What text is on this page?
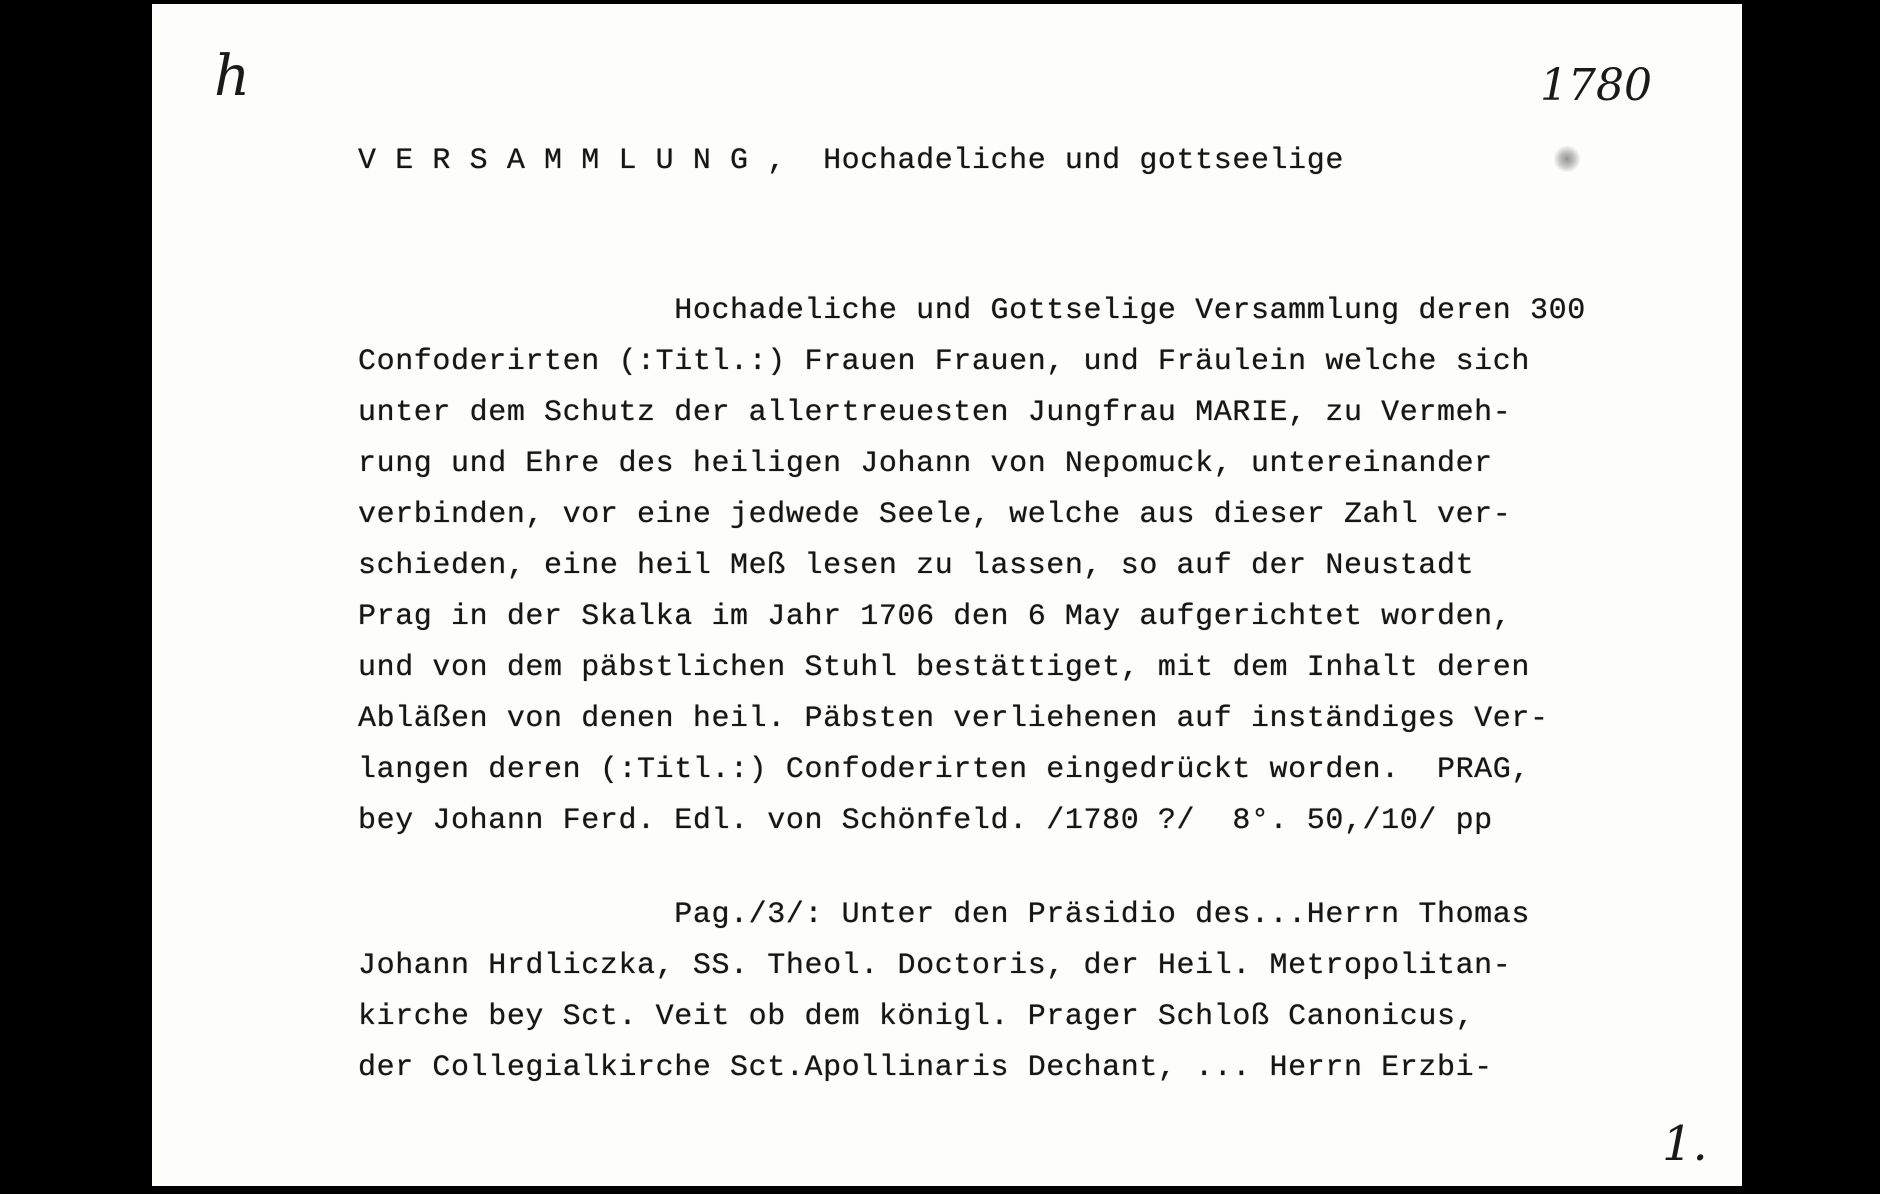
h	1780
V E R S A M M L U N G ,  Hochadeliche und gottseelige
Hochadeliche und Gottselige Versammlung deren 300
Confoderirten (:Titl.:) Frauen Frauen, und Fräulein welche sich
unter dem Schutz der allertreuesten Jungfrau MARIE, zu Vermeh-
rung und Ehre des heiligen Johann von Nepomuck, untereinander
verbinden, vor eine jedwede Seele, welche aus dieser Zahl ver-
schieden, eine heil Meß lesen zu lassen, so auf der Neustadt
Prag in der Skalka im Jahr 1706 den 6 May aufgerichtet worden,
und von dem päbstlichen Stuhl bestättiget, mit dem Inhalt deren
Abläßen von denen heil. Päbsten verliehenen auf inständiges Ver-
langen deren (:Titl.:) Confoderirten eingedrückt worden.  PRAG,
bey Johann Ferd. Edl. von Schönfeld. /1780 ?/  8°. 50,/10/ pp
Pag./3/: Unter den Präsidio des...Herrn Thomas
Johann Hrdliczka, SS. Theol. Doctoris, der Heil. Metropolitan-
kirche bey Sct. Veit ob dem königl. Prager Schloß Canonicus,
der Collegialkirche Sct.Apollinaris Dechant, ... Herrn Erzbi-
1.
